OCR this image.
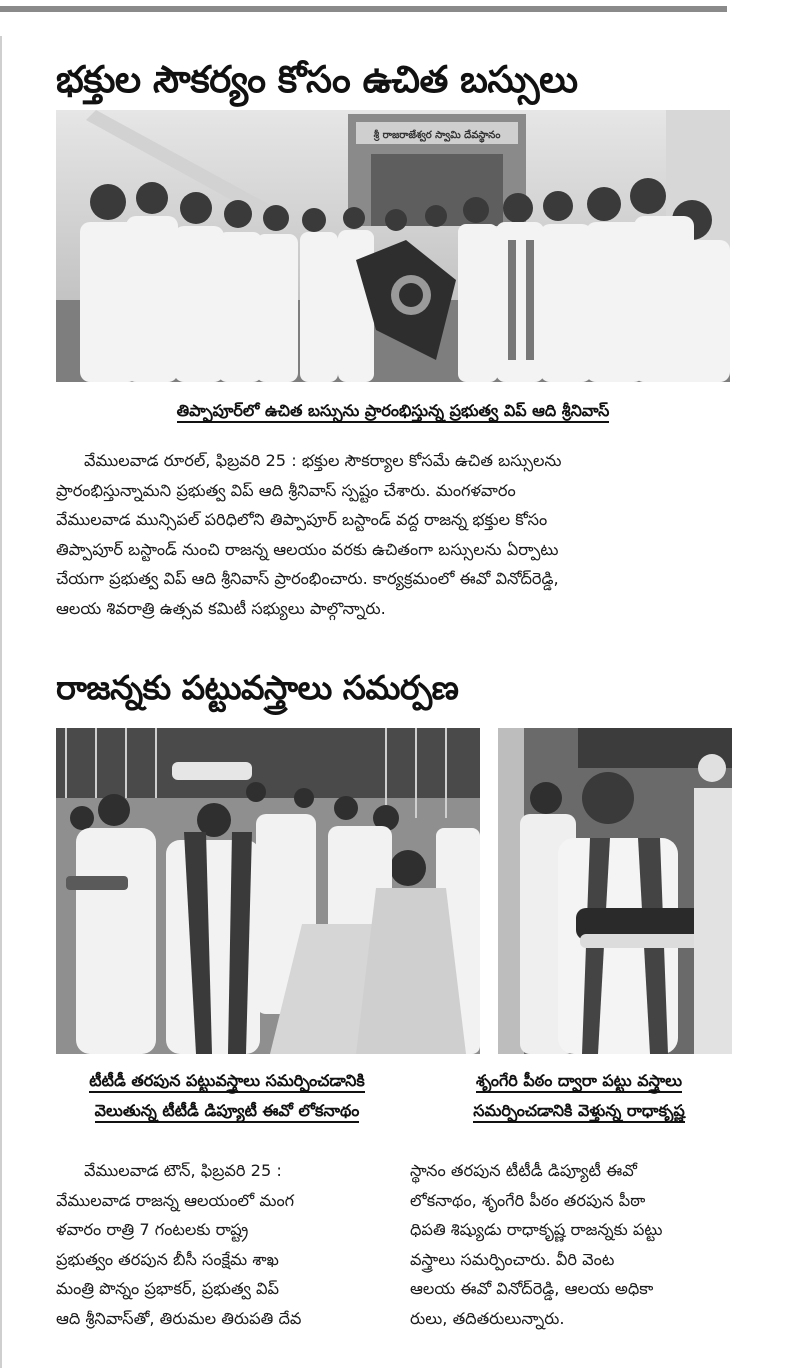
భక్తుల సౌకర్యం కోసం ఉచిత బస్సులు
శ్రీ రాజరాజేశ్వర స్వామి దేవస్థానం
తిప్పాపూర్‌లో ఉచిత బస్సును ప్రారంభిస్తున్న ప్రభుత్వ విప్ ఆది శ్రీనివాస్
వేములవాడ రూరల్, ఫిబ్రవరి 25 : భక్తుల సౌకర్యాల కోసమే ఉచిత బస్సులను
ప్రారంభిస్తున్నామని ప్రభుత్వ విప్ ఆది శ్రీనివాస్ స్పష్టం చేశారు. మంగళవారం
వేములవాడ మున్సిపల్ పరిధిలోని తిప్పాపూర్ బస్టాండ్ వద్ద రాజన్న భక్తుల కోసం
తిప్పాపూర్ బస్టాండ్ నుంచి రాజన్న ఆలయం వరకు ఉచితంగా బస్సులను ఏర్పాటు
చేయగా ప్రభుత్వ విప్ ఆది శ్రీనివాస్ ప్రారంభించారు. కార్యక్రమంలో ఈవో వినోద్‌రెడ్డి,
ఆలయ శివరాత్రి ఉత్సవ కమిటీ సభ్యులు పాల్గొన్నారు.
రాజన్నకు పట్టువస్త్రాలు సమర్పణ
టీటీడీ తరపున పట్టువస్త్రాలు సమర్పించడానికి
వెలుతున్న టీటీడీ డిప్యూటీ ఈవో లోకనాథం
శృంగేరి పీఠం ద్వారా పట్టు వస్త్రాలు
సమర్పించడానికి వెళ్తున్న రాధాకృష్ణ
వేములవాడ టౌన్, ఫిబ్రవరి 25 :
వేములవాడ రాజన్న ఆలయంలో మంగ
ళవారం రాత్రి 7 గంటలకు రాష్ట్ర
ప్రభుత్వం తరపున బీసీ సంక్షేమ శాఖ
మంత్రి పొన్నం ప్రభాకర్, ప్రభుత్వ విప్
ఆది శ్రీనివాస్‌తో, తిరుమల తిరుపతి దేవ
స్థానం తరపున టీటీడీ డిప్యూటీ ఈవో
లోకనాథం, శృంగేరి పీఠం తరపున పీఠా
ధిపతి శిష్యుడు రాధాకృష్ణ రాజన్నకు పట్టు
వస్త్రాలు సమర్పించారు. వీరి వెంట
ఆలయ ఈవో వినోద్‌రెడ్డి, ఆలయ అధికా
రులు, తదితరులున్నారు.
